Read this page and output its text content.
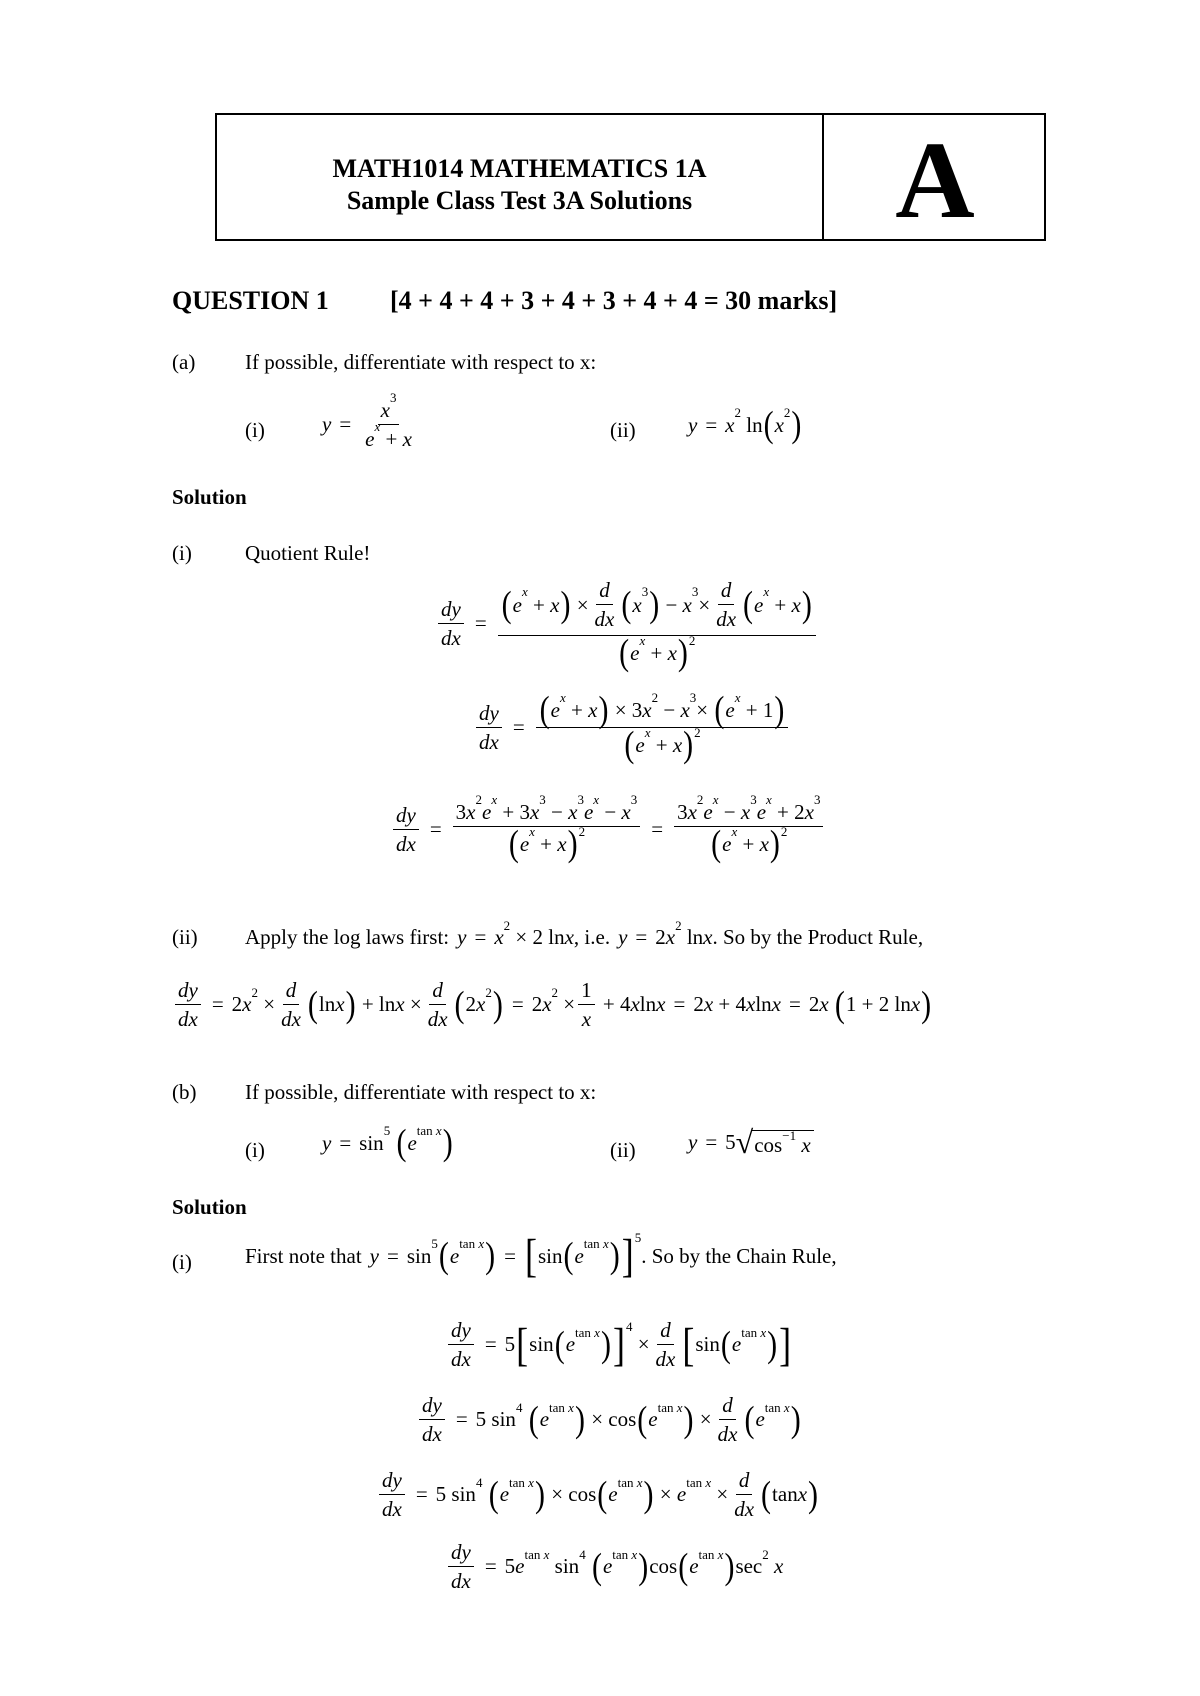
MATH1014 MATHEMATICS 1A
Sample Class Test 3A Solutions	A
QUESTION 1 [4 + 4 + 4 + 3 + 4 + 3 + 4 + 4 = 30 marks]
(a) If possible, differentiate with respect to x:
(i)	y = x
3
e
x
+ x	(ii) y = x 2 ln ( x 2 )
Solution
(i)	Quotient Rule!
$\frac{dy}{dx}$ = ( e
x
+ x ) × $\frac{d}{dx}$ ( x
3 ) − x
3
× $\frac{d}{dx}$ ( e
x
+ x )
( e
x
+ x ) 2
$\frac{dy}{dx}$ = ( e
x
+ x ) × 3 x
2
− x
3
× ( e
x
+ 1 )
( e
x
+ x ) 2
$\frac{dy}{dx} = 3$ x
2
e
x
+ 3 x
3
− x
3
e
x
− x
3
( e
x
+ x ) 2 = 3 x
2
e
x
− x
3
e
x
+ 2 x
3
( e
x
+ x ) 2
(ii) Apply the log laws first: y = x 2 × 2 ln x , i.e. y = 2 x 2 ln x . So by the Product Rule,
$\frac{dy}{dx} = 2$ x $2 \times \frac{d}{dx}$ ( ln x ) + $\ln x \times \frac{d}{dx}$ ( 2 x 2 ) = 2 x $2 \times \frac{1}{x} + 4$ x ln x = 2 x + 4 x ln x = 2 x
( 1 + 2 ln x )
(b) If possible, differentiate with respect to x:
(i)	y = sin 5
( e tan x )	(ii) y = 5 √ $\cos^{-1} x$
Solution
(i)	First note that y = sin 5 ( e tan x ) = [ sin ( e tan x ) ] 5
. So by the Chain Rule,
$\frac{dy}{dx} = 5$ [ sin ( e tan x ) ] 4
× $\frac{d}{dx}$ [ sin ( e tan x ) ]
$\frac{dy}{dx} = 5$ sin 4
( e tan x ) × cos ( e tan x ) × $\frac{d}{dx}$ ( e tan x )
$\frac{dy}{dx} = 5$ sin 4
( e tan x ) × cos ( e tan x ) × e $\tan x \times \frac{d}{dx}$ ( tan x )
$\frac{dy}{dx} = 5$ e tan x sin 4
( e tan x ) cos ( e tan x ) sec 2
x
